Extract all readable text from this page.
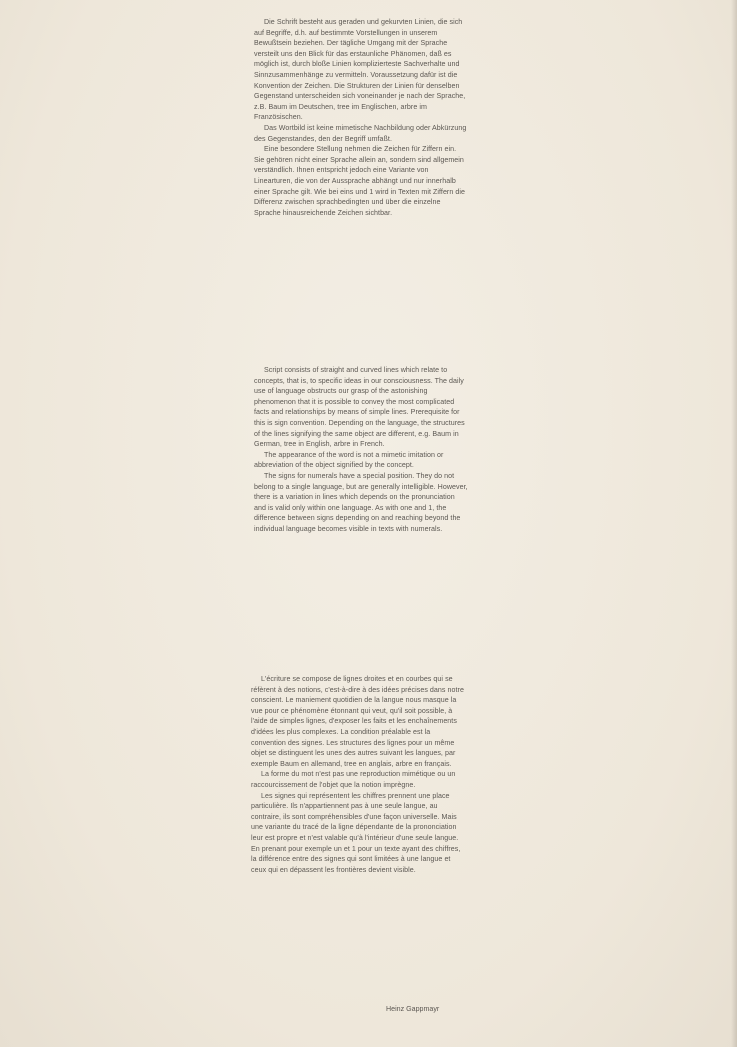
Die Schrift besteht aus geraden und gekurvten Linien, die sich auf Begriffe, d.h. auf bestimmte Vorstellungen in unserem Bewußtsein beziehen. Der tägliche Umgang mit der Sprache versteilt uns den Blick für das erstaunliche Phänomen, daß es möglich ist, durch bloße Linien komplizierteste Sachverhalte und Sinnzusammenhänge zu vermitteln. Voraussetzung dafür ist die Konvention der Zeichen. Die Strukturen der Linien für denselben Gegenstand unterscheiden sich voneinander je nach der Sprache, z.B. Baum im Deutschen, tree im Englischen, arbre im Französischen.

Das Wortbild ist keine mimetische Nachbildung oder Abkürzung des Gegenstandes, den der Begriff umfaßt.

Eine besondere Stellung nehmen die Zeichen für Ziffern ein. Sie gehören nicht einer Sprache allein an, sondern sind allgemein verständlich. Ihnen entspricht jedoch eine Variante von Linearturen, die von der Aussprache abhängt und nur innerhalb einer Sprache gilt. Wie bei eins und 1 wird in Texten mit Ziffern die Differenz zwischen sprachbedingten und über die einzelne Sprache hinausreichende Zeichen sichtbar.

Script consists of straight and curved lines which relate to concepts, that is, to specific ideas in our consciousness. The daily use of language obstructs our grasp of the astonishing phenomenon that it is possible to convey the most complicated facts and relationships by means of simple lines. Prerequisite for this is sign convention. Depending on the language, the structures of the lines signifying the same object are different, e.g. Baum in German, tree in English, arbre in French.

The appearance of the word is not a mimetic imitation or abbreviation of the object signified by the concept.

The signs for numerals have a special position. They do not belong to a single language, but are generally intelligible. However, there is a variation in lines which depends on the pronunciation and is valid only within one language. As with one and 1, the difference between signs depending on and reaching beyond the individual language becomes visible in texts with numerals.

L'écriture se compose de lignes droites et en courbes qui se réfèrent à des notions, c'est-à-dire à des idées précises dans notre conscient. Le maniement quotidien de la langue nous masque la vue pour ce phénomène étonnant qui veut, qu'il soit possible, à l'aide de simples lignes, d'exposer les faits et les enchaînements d'idées les plus complexes. La condition préalable est la convention des signes. Les structures des lignes pour un même objet se distinguent les unes des autres suivant les langues, par exemple Baum en allemand, tree en anglais, arbre en français.

La forme du mot n'est pas une reproduction mimétique ou un raccourcissement de l'objet que la notion imprègne.

Les signes qui représentent les chiffres prennent une place particulière. Ils n'appartiennent pas à une seule langue, au contraire, ils sont compréhensibles d'une façon universelle. Mais une variante du tracé de la ligne dépendante de la prononciation leur est propre et n'est valable qu'à l'intérieur d'une seule langue. En prenant pour exemple un et 1 pour un texte ayant des chiffres, la différence entre des signes qui sont limitées à une langue et ceux qui en dépassent les frontières devient visible.

Heinz Gappmayr
